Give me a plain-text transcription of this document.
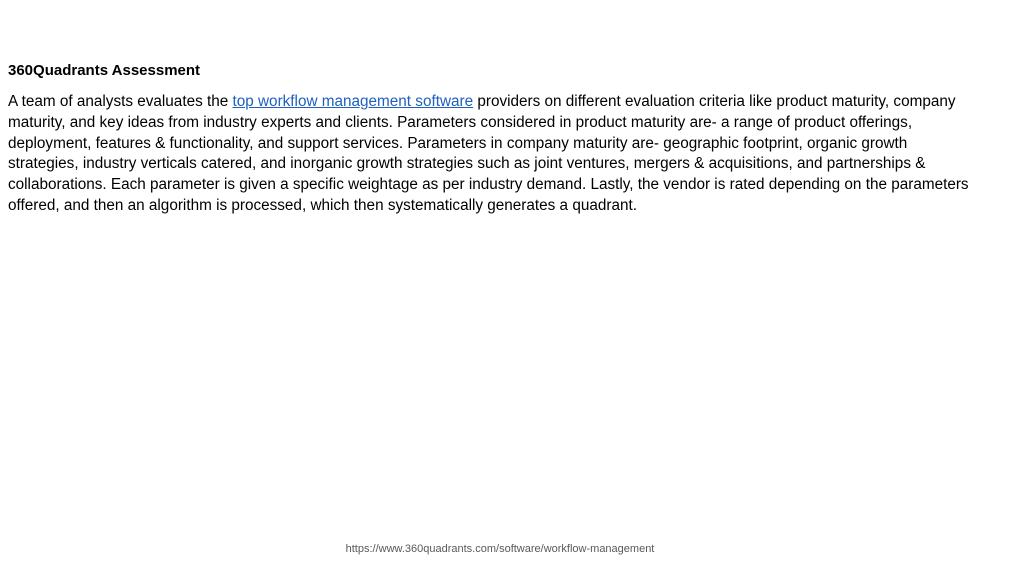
360Quadrants Assessment

A team of analysts evaluates the top workflow management software providers on different evaluation criteria like product maturity, company maturity, and key ideas from industry experts and clients. Parameters considered in product maturity are- a range of product offerings, deployment, features & functionality, and support services. Parameters in company maturity are- geographic footprint, organic growth strategies, industry verticals catered, and inorganic growth strategies such as joint ventures, mergers & acquisitions, and partnerships & collaborations. Each parameter is given a specific weightage as per industry demand. Lastly, the vendor is rated depending on the parameters offered, and then an algorithm is processed, which then systematically generates a quadrant.

https://www.360quadrants.com/software/workflow-management
